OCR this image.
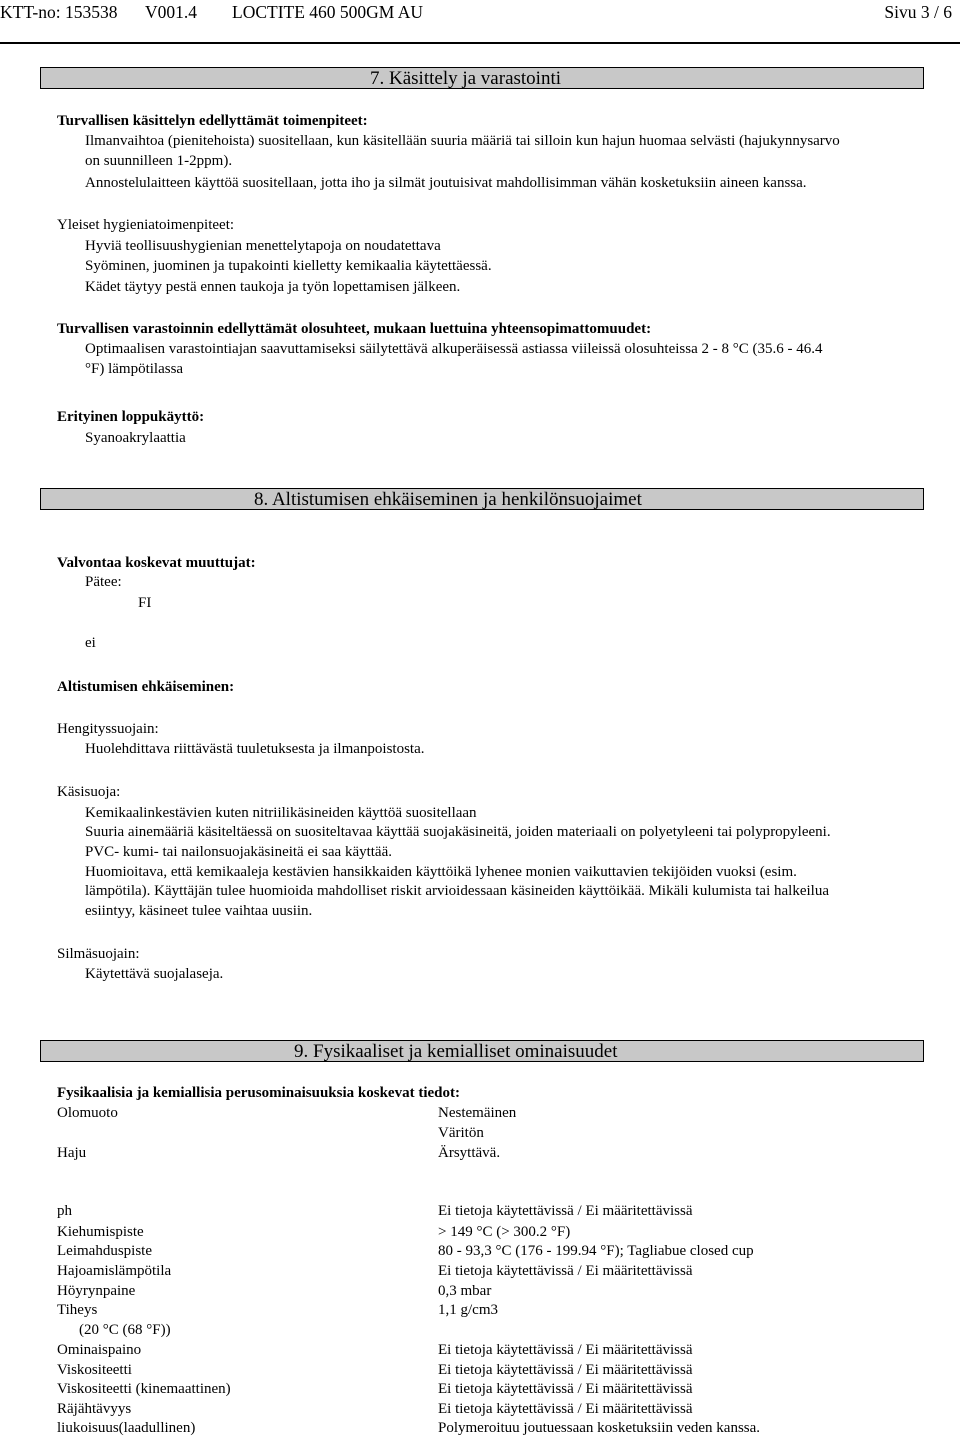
KTT-no: 153538 V001.4 LOCTITE 460 500GM AU	Sivu 3 / 6
7. Käsittely ja varastointi
Turvallisen käsittelyn edellyttämät toimenpiteet:
Ilmanvaihtoa (pienitehoista) suositellaan, kun käsitellään suuria määriä tai silloin kun hajun huomaa selvästi (hajukynnysarvo
on suunnilleen 1-2ppm).
Annostelulaitteen käyttöä suositellaan, jotta iho ja silmät joutuisivat mahdollisimman vähän kosketuksiin aineen kanssa.
Yleiset hygieniatoimenpiteet:
Hyviä teollisuushygienian menettelytapoja on noudatettava
Syöminen, juominen ja tupakointi kielletty kemikaalia käytettäessä.
Kädet täytyy pestä ennen taukoja ja työn lopettamisen jälkeen.
Turvallisen varastoinnin edellyttämät olosuhteet, mukaan luettuina yhteensopimattomuudet:
Optimaalisen varastointiajan saavuttamiseksi säilytettävä alkuperäisessä astiassa viileissä olosuhteissa 2 - 8 °C (35.6 - 46.4
°F) lämpötilassa
Erityinen loppukäyttö:
Syanoakrylaattia
8. Altistumisen ehkäiseminen ja henkilönsuojaimet
Valvontaa koskevat muuttujat:
Pätee:
FI
ei
Altistumisen ehkäiseminen:
Hengityssuojain:
Huolehdittava riittävästä tuuletuksesta ja ilmanpoistosta.
Käsisuoja:
Kemikaalinkestävien kuten nitriilikäsineiden käyttöä suositellaan
Suuria ainemääriä käsiteltäessä on suositeltavaa käyttää suojakäsineitä, joiden materiaali on polyetyleeni tai polypropyleeni.
PVC- kumi- tai nailonsuojakäsineitä ei saa käyttää.
Huomioitava, että kemikaaleja kestävien hansikkaiden käyttöikä lyhenee monien vaikuttavien tekijöiden vuoksi (esim.
lämpötila). Käyttäjän tulee huomioida mahdolliset riskit arvioidessaan käsineiden käyttöikää. Mikäli kulumista tai halkeilua
esiintyy, käsineet tulee vaihtaa uusiin.
Silmäsuojain:
Käytettävä suojalaseja.
9. Fysikaaliset ja kemialliset ominaisuudet
Fysikaalisia ja kemiallisia perusominaisuuksia koskevat tiedot:
Olomuoto	Nestemäinen
Väritön
Haju	Ärsyttävä.
ph	Ei tietoja käytettävissä / Ei määritettävissä
Kiehumispiste	> 149 °C (> 300.2 °F)
Leimahduspiste	80 - 93,3 °C (176 - 199.94 °F); Tagliabue closed cup
Hajoamislämpötila	Ei tietoja käytettävissä / Ei määritettävissä
Höyrynpaine	0,3 mbar
Tiheys	1,1 g/cm3
(20 °C (68 °F))
Ominaispaino	Ei tietoja käytettävissä / Ei määritettävissä
Viskositeetti	Ei tietoja käytettävissä / Ei määritettävissä
Viskositeetti (kinemaattinen)	Ei tietoja käytettävissä / Ei määritettävissä
Räjähtävyys	Ei tietoja käytettävissä / Ei määritettävissä
liukoisuus(laadullinen)	Polymeroituu joutuessaan kosketuksiin veden kanssa.
